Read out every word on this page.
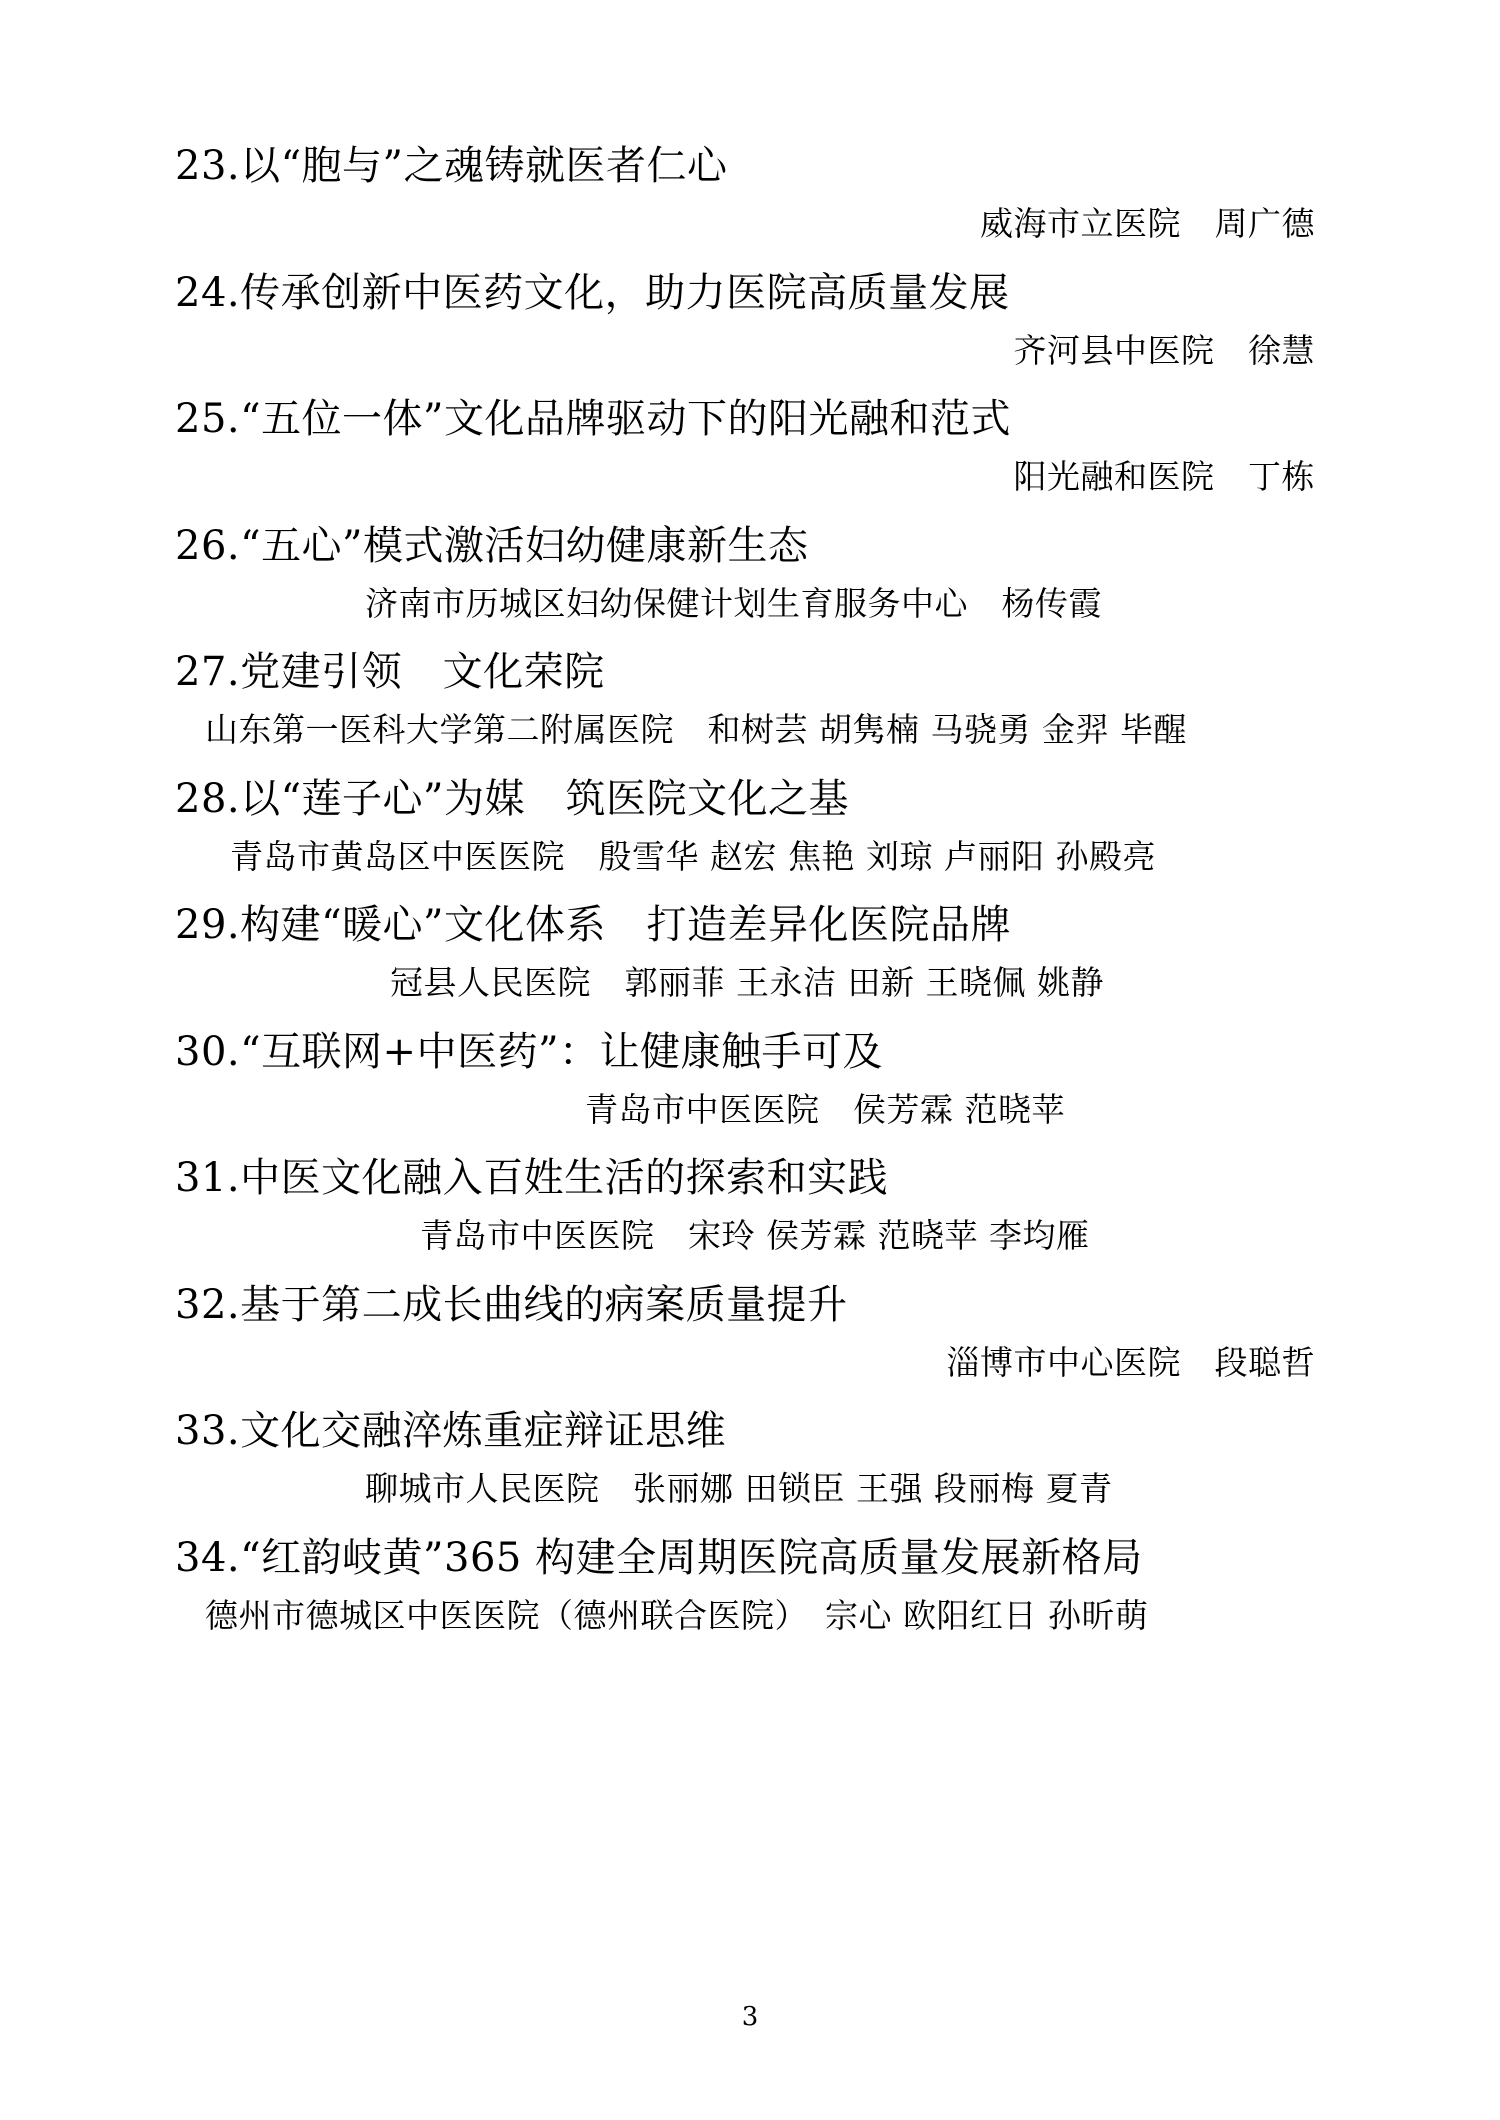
23.以“胞与”之魂铸就医者仁心
威海市立医院　周广德
24.传承创新中医药文化，助力医院高质量发展
齐河县中医院　徐慧
25.“五位一体”文化品牌驱动下的阳光融和范式
阳光融和医院　丁栋
26.“五心”模式激活妇幼健康新生态
济南市历城区妇幼保健计划生育服务中心　杨传霞
27.党建引领　文化荣院
山东第一医科大学第二附属医院　和树芸 胡隽楠 马骁勇 金羿 毕醒
28.以“莲子心”为媒　筑医院文化之基
青岛市黄岛区中医医院　殷雪华 赵宏 焦艳 刘琼 卢丽阳 孙殿亮
29.构建“暖心”文化体系　打造差异化医院品牌
冠县人民医院　郭丽菲 王永洁 田新 王晓佩 姚静
30.“互联网+中医药”：让健康触手可及
青岛市中医医院　侯芳霖 范晓苹
31.中医文化融入百姓生活的探索和实践
青岛市中医医院　宋玲 侯芳霖 范晓苹 李均雁
32.基于第二成长曲线的病案质量提升
淄博市中心医院　段聪哲
33.文化交融淬炼重症辩证思维
聊城市人民医院　张丽娜 田锁臣 王强 段丽梅 夏青
34.“红韵岐黄”365 构建全周期医院高质量发展新格局
德州市德城区中医医院（德州联合医院）　宗心 欧阳红日 孙昕萌
3
